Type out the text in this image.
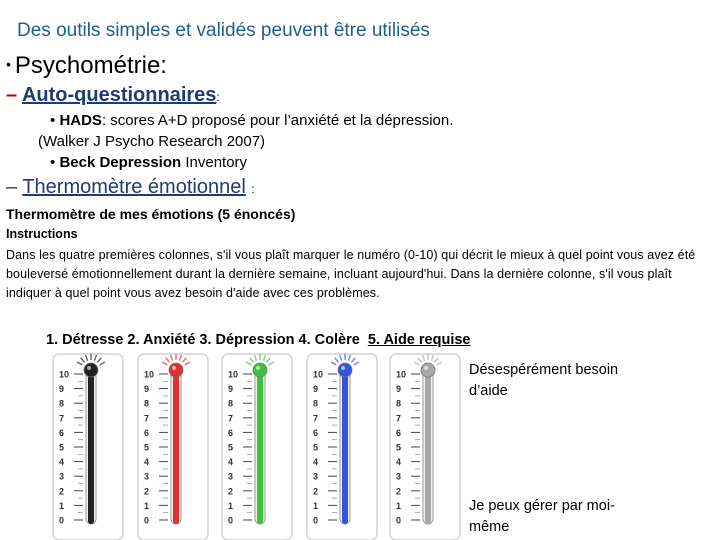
Des outils simples et validés peuvent être utilisés
• Psychométrie:
– Auto-questionnaires:
• HADS: scores A+D proposé pour l’anxiété et la dépression.
(Walker J Psycho Research 2007)
• Beck Depression Inventory
– Thermomètre émotionnel :
Thermomètre de mes émotions (5 énoncés)
Instructions
Dans les quatre premières colonnes, s'il vous plaît marquer le numéro (0-10) qui décrit le mieux à quel point vous avez été bouleversé émotionnellement durant la dernière semaine, incluant aujourd'hui. Dans la dernière colonne, s'il vous plaît indiquer à quel point vous avez besoin d'aide avec ces problèmes.
1. Détresse 2. Anxiété 3. Dépression 4. Colère 5. Aide requise
10
9
8
7
6
5
4
3
2
1
0
10
9
8
7
6
5
4
3
2
1
0
10
9
8
7
6
5
4
3
2
1
0
10
9
8
7
6
5
4
3
2
1
0
10
9
8
7
6
5
4
3
2
1
0
Désespérément besoin d’aide
Je peux gérer par moi-même
